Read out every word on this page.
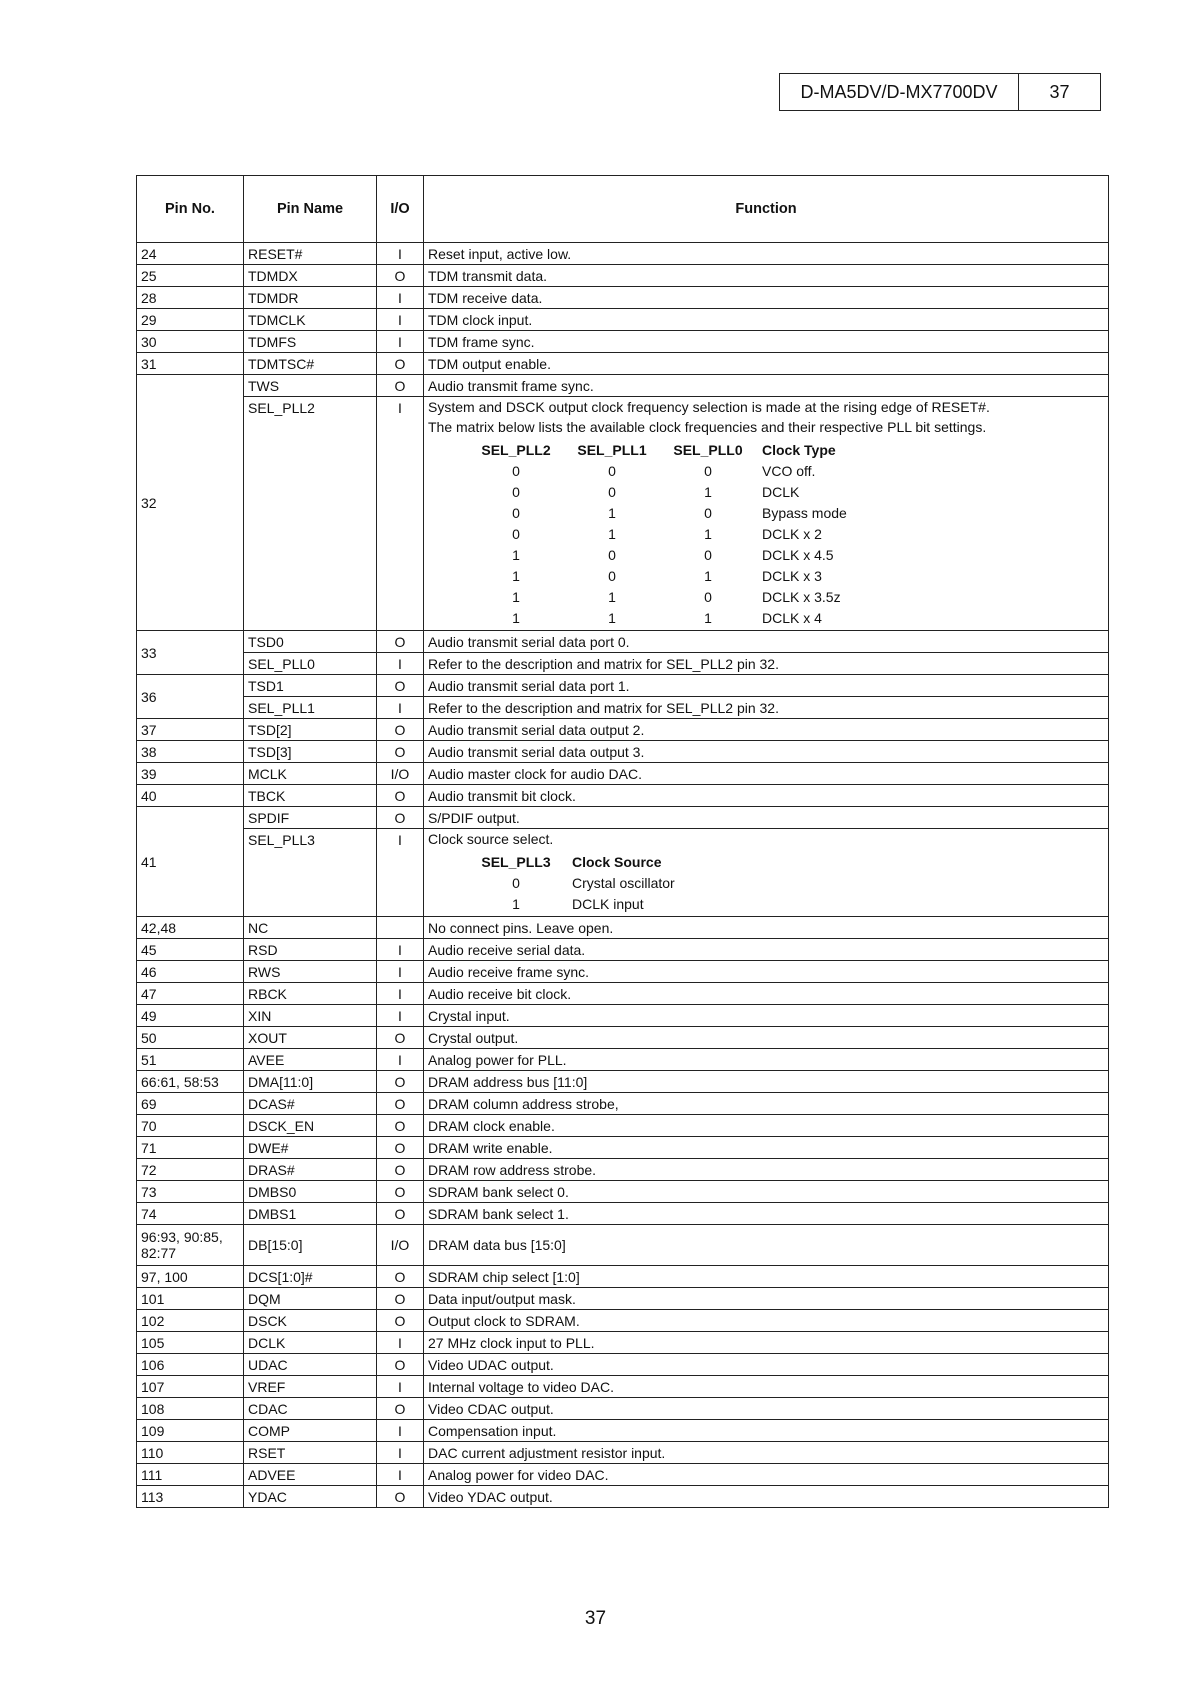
D-MA5DV/D-MX7700DV	37
Pin No.	Pin Name	I/O	Function
24	RESET#	I	Reset input, active low.
25	TDMDX	O	TDM transmit data.
28	TDMDR	I	TDM receive data.
29	TDMCLK	I	TDM clock input.
30	TDMFS	I	TDM frame sync.
31	TDMTSC#	O	TDM output enable.
32	TWS	O	Audio transmit frame sync.
SEL_PLL2	I	System and DSCK output clock frequency selection is made at the rising edge of RESET#.
The matrix below lists the available clock frequencies and their respective PLL bit settings.
SEL_PLL2	SEL_PLL1	SEL_PLL0	Clock Type
0	0	0	VCO off.
0	0	1	DCLK
0	1	0	Bypass mode
0	1	1	DCLK x 2
1	0	0	DCLK x 4.5
1	0	1	DCLK x 3
1	1	0	DCLK x 3.5z
1	1	1	DCLK x 4

33	TSD0	O	Audio transmit serial data port 0.
SEL_PLL0	I	Refer to the description and matrix for SEL_PLL2 pin 32.
36	TSD1	O	Audio transmit serial data port 1.
SEL_PLL1	I	Refer to the description and matrix for SEL_PLL2 pin 32.
37	TSD[2]	O	Audio transmit serial data output 2.
38	TSD[3]	O	Audio transmit serial data output 3.
39	MCLK	I/O	Audio master clock for audio DAC.
40	TBCK	O	Audio transmit bit clock.
41	SPDIF	O	S/PDIF output.
SEL_PLL3	I	Clock source select.
SEL_PLL3	Clock Source
0	Crystal oscillator
1	DCLK input

42,48	NC		No connect pins. Leave open.
45	RSD	I	Audio receive serial data.
46	RWS	I	Audio receive frame sync.
47	RBCK	I	Audio receive bit clock.
49	XIN	I	Crystal input.
50	XOUT	O	Crystal output.
51	AVEE	I	Analog power for PLL.
66:61, 58:53	DMA[11:0]	O	DRAM address bus [11:0]
69	DCAS#	O	DRAM column address strobe,
70	DSCK_EN	O	DRAM clock enable.
71	DWE#	O	DRAM write enable.
72	DRAS#	O	DRAM row address strobe.
73	DMBS0	O	SDRAM bank select 0.
74	DMBS1	O	SDRAM bank select 1.
96:93, 90:85, 82:77	DB[15:0]	I/O	DRAM data bus [15:0]
97, 100	DCS[1:0]#	O	SDRAM chip select [1:0]
101	DQM	O	Data input/output mask.
102	DSCK	O	Output clock to SDRAM.
105	DCLK	I	27 MHz clock input to PLL.
106	UDAC	O	Video UDAC output.
107	VREF	I	Internal voltage to video DAC.
108	CDAC	O	Video CDAC output.
109	COMP	I	Compensation input.
110	RSET	I	DAC current adjustment resistor input.
111	ADVEE	I	Analog power for video DAC.
113	YDAC	O	Video YDAC output.
37
